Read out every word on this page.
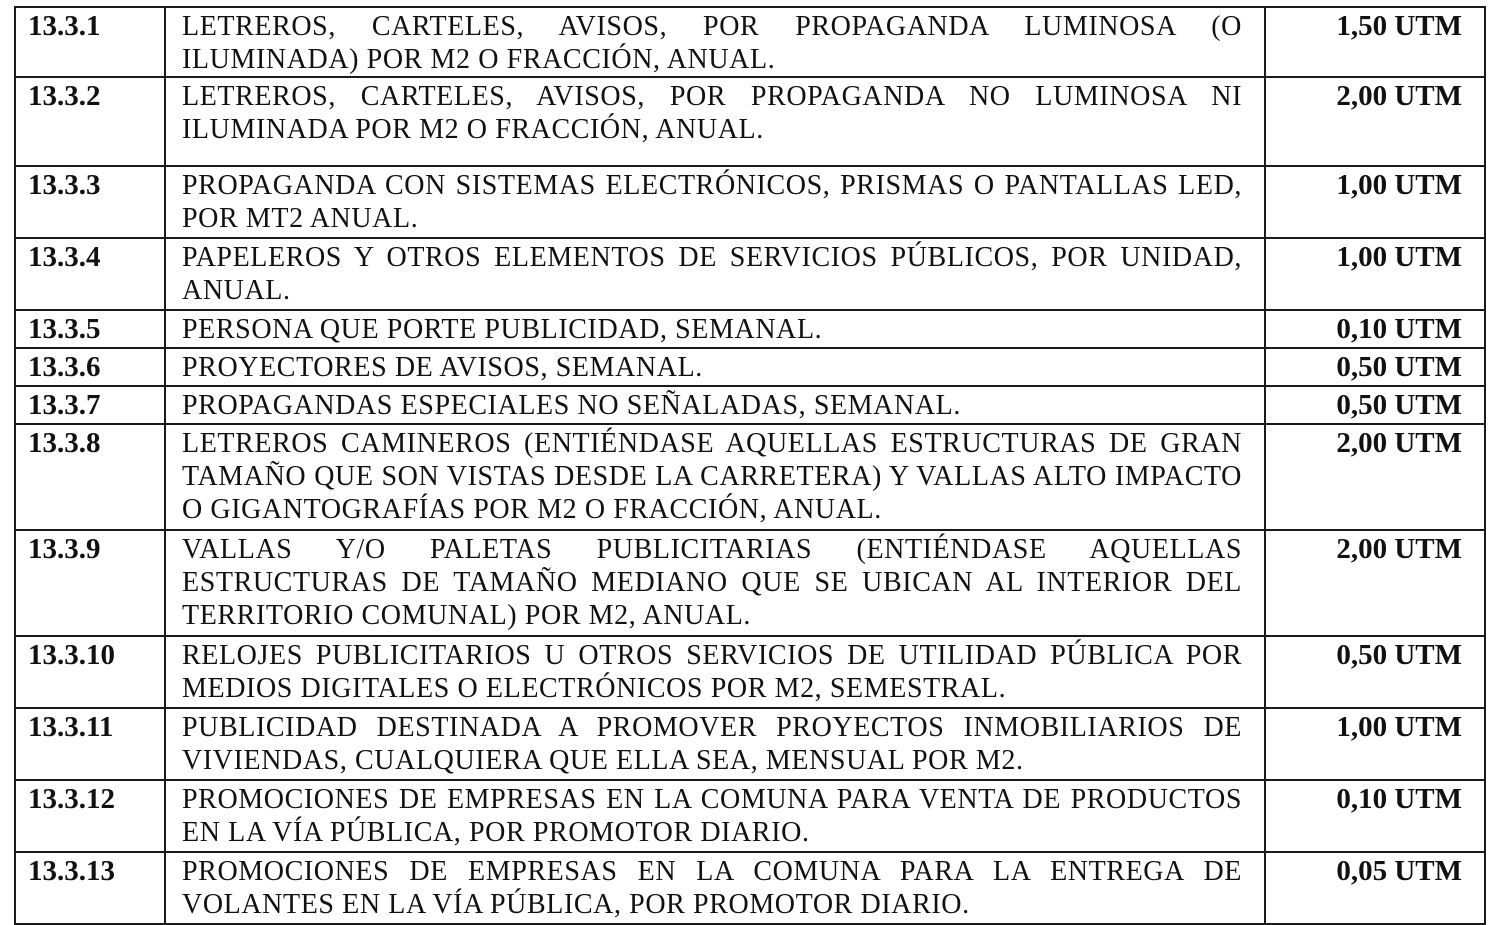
13.3.1	LETREROS, CARTELES, AVISOS, POR PROPAGANDA LUMINOSA (O ILUMINADA) POR M2 O FRACCIÓN, ANUAL.	1,50 UTM
13.3.2	LETREROS, CARTELES, AVISOS, POR PROPAGANDA NO LUMINOSA NI ILUMINADA POR M2 O FRACCIÓN, ANUAL.	2,00 UTM
13.3.3	PROPAGANDA CON SISTEMAS ELECTRÓNICOS, PRISMAS O PANTALLAS LED, POR MT2 ANUAL.	1,00 UTM
13.3.4	PAPELEROS Y OTROS ELEMENTOS DE SERVICIOS PÚBLICOS, POR UNIDAD, ANUAL.	1,00 UTM
13.3.5	PERSONA QUE PORTE PUBLICIDAD, SEMANAL.	0,10 UTM
13.3.6	PROYECTORES DE AVISOS, SEMANAL.	0,50 UTM
13.3.7	PROPAGANDAS ESPECIALES NO SEÑALADAS, SEMANAL.	0,50 UTM
13.3.8	LETREROS CAMINEROS (ENTIÉNDASE AQUELLAS ESTRUCTURAS DE GRAN TAMAÑO QUE SON VISTAS DESDE LA CARRETERA) Y VALLAS ALTO IMPACTO O GIGANTOGRAFÍAS POR M2 O FRACCIÓN, ANUAL.	2,00 UTM
13.3.9	VALLAS Y/O PALETAS PUBLICITARIAS (ENTIÉNDASE AQUELLAS ESTRUCTURAS DE TAMAÑO MEDIANO QUE SE UBICAN AL INTERIOR DEL TERRITORIO COMUNAL) POR M2, ANUAL.	2,00 UTM
13.3.10	RELOJES PUBLICITARIOS U OTROS SERVICIOS DE UTILIDAD PÚBLICA POR MEDIOS DIGITALES O ELECTRÓNICOS POR M2, SEMESTRAL.	0,50 UTM
13.3.11	PUBLICIDAD DESTINADA A PROMOVER PROYECTOS INMOBILIARIOS DE VIVIENDAS, CUALQUIERA QUE ELLA SEA, MENSUAL POR M2.	1,00 UTM
13.3.12	PROMOCIONES DE EMPRESAS EN LA COMUNA PARA VENTA DE PRODUCTOS EN LA VÍA PÚBLICA, POR PROMOTOR DIARIO.	0,10 UTM
13.3.13	PROMOCIONES DE EMPRESAS EN LA COMUNA PARA LA ENTREGA DE VOLANTES EN LA VÍA PÚBLICA, POR PROMOTOR DIARIO.	0,05 UTM
